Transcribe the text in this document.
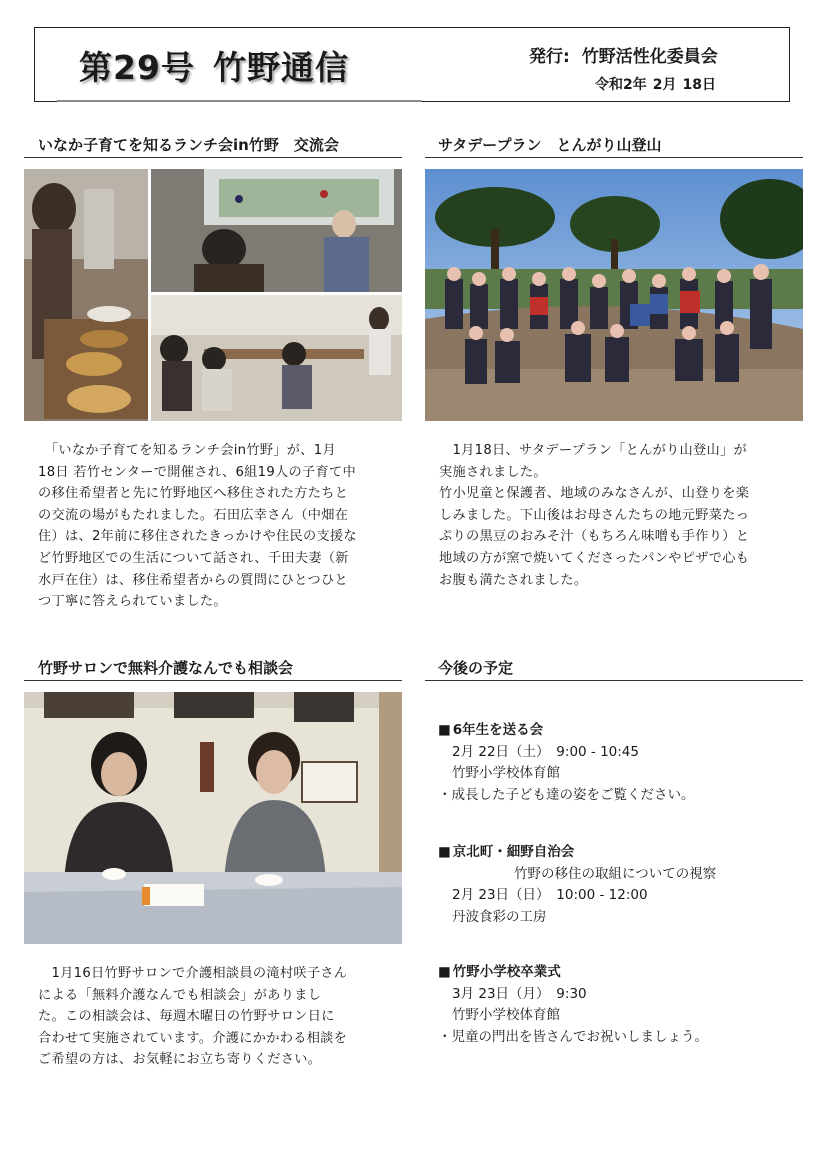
第29号 竹野通信	発行: 竹野活性化委員会
令和2年 2月 18日
いなか子育てを知るランチ会in竹野　交流会

　「いなか子育てを知るランチ会in竹野」が、1月

18日 若竹センターで開催され、6組19人の子育て中

の移住希望者と先に竹野地区へ移住された方たちと

の交流の場がもたれました。石田広幸さん（中畑在

住）は、2年前に移住されたきっかけや住民の支援な

ど竹野地区での生活について話され、千田夫妻（新

水戸在住）は、移住希望者からの質問にひとつひと

つ丁寧に答えられていました。

サタデープラン　とんがり山登山

　1月18日、サタデープラン「とんがり山登山」が

実施されました。

竹小児童と保護者、地域のみなさんが、山登りを楽

しみました。下山後はお母さんたちの地元野菜たっ

ぷりの黒豆のおみそ汁（もちろん味噌も手作り）と

地域の方が窯で焼いてくださったパンやピザで心も

お腹も満たされました。

竹野サロンで無料介護なんでも相談会

　1月16日竹野サロンで介護相談員の滝村咲子さん

による「無料介護なんでも相談会」がありまし

た。この相談会は、毎週木曜日の竹野サロン日に

合わせて実施されています。介護にかかわる相談を

ご希望の方は、お気軽にお立ち寄りください。

今後の予定
■ 6年生を送る会
2月 22日（土）　9:00 - 10:45
竹野小学校体育館
・成長した子ども達の姿をご覧ください。
■ 京北町・細野自治会
竹野の移住の取組についての視察
2月 23日（日）　10:00 - 12:00
丹波食彩の工房
■ 竹野小学校卒業式
3月 23日（月）　9:30
竹野小学校体育館
・児童の門出を皆さんでお祝いしましょう。
